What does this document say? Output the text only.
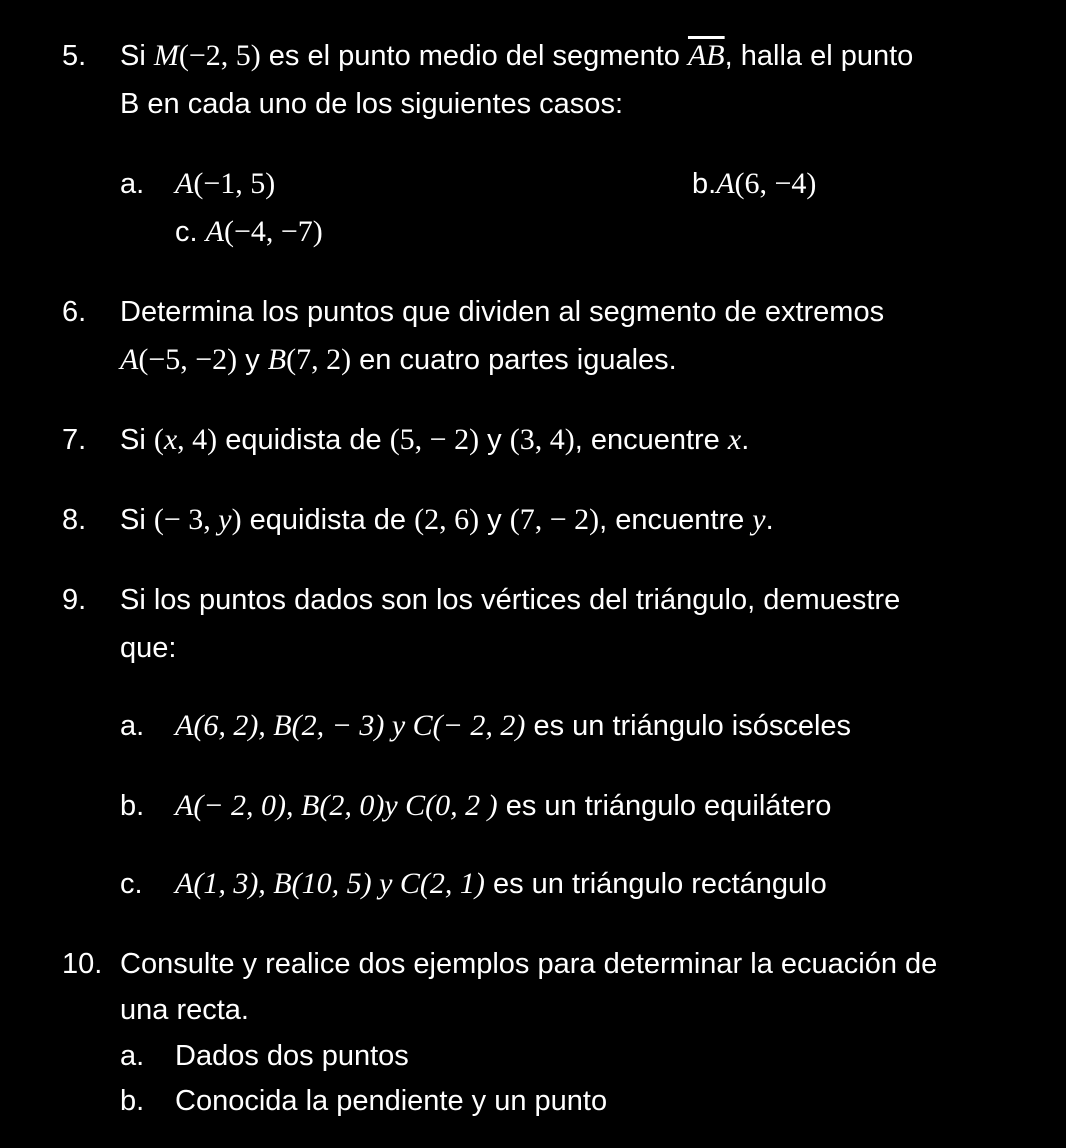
5. Si M(−2, 5) es el punto medio del segmento $\overline{AB}$, halla el punto
B en cada uno de los siguientes casos:
a. A(−1, 5)	b.A(6, −4)
c. A(−4, −7)
6. Determina los puntos que dividen al segmento de extremos
A(−5, −2) y B(7, 2) en cuatro partes iguales.
7. Si (x, 4) equidista de (5, − 2) y (3, 4), encuentre x.
8. Si (− 3, y) equidista de (2, 6) y (7, − 2), encuentre y.
9. Si los puntos dados son los vértices del triángulo, demuestre
que:
a. A(6, 2), B(2, − 3) y C(− 2, 2) es un triángulo isósceles
b. A(− 2, 0), B(2, 0)y C(0, 2 ) es un triángulo equilátero
c. A(1, 3), B(10, 5) y C(2, 1) es un triángulo rectángulo
10. Consulte y realice dos ejemplos para determinar la ecuación de
una recta.
a. Dados dos puntos
b. Conocida la pendiente y un punto
